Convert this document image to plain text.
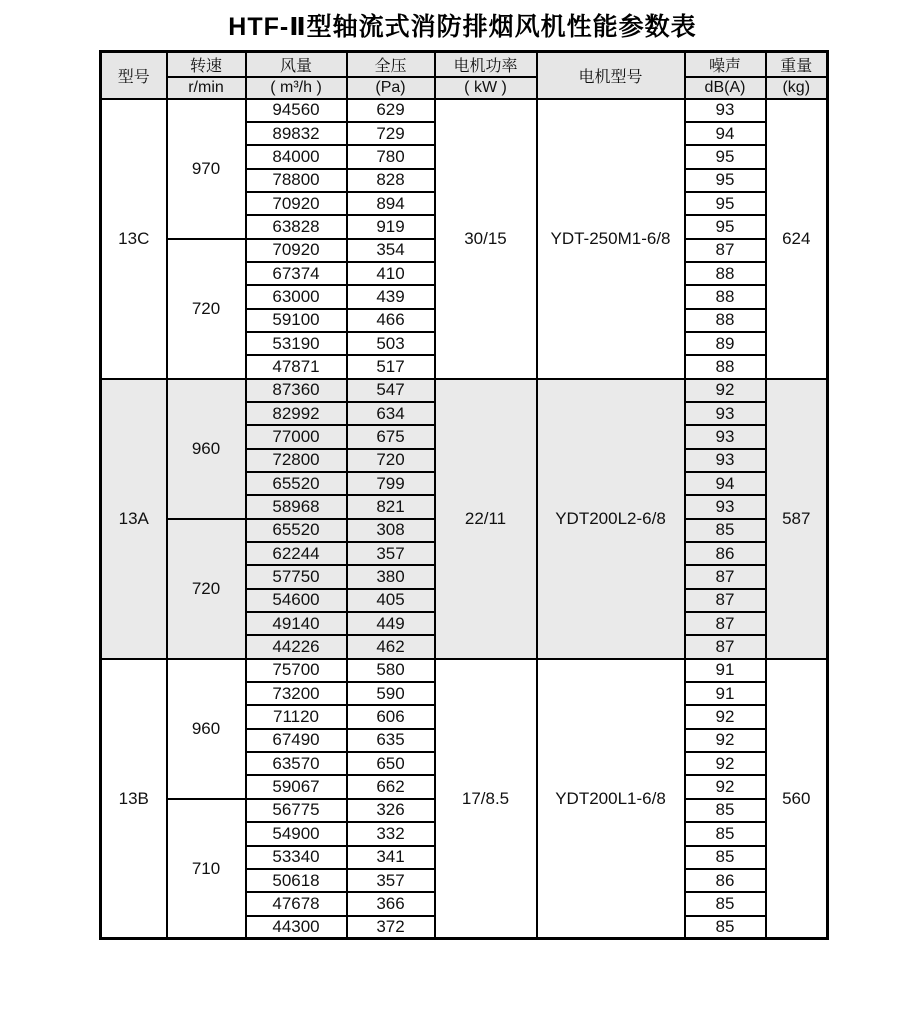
HTF-Ⅱ型轴流式消防排烟风机性能参数表
型号	转速	风量	全压	电机功率	电机型号	噪声	重量
	r/min	( m³/h )	(Pa)	( kW )		dB(A)	(kg)
13C	970	94560	629	30/15	YDT-250M1-6/8	93	624
		89832	729			94	
		84000	780			95	
		78800	828			95	
		70920	894			95	
		63828	919			95	
	720	70920	354			87	
		67374	410			88	
		63000	439			88	
		59100	466			88	
		53190	503			89	
		47871	517			88	
13A	960	87360	547	22/11	YDT200L2-6/8	92	587
		82992	634			93	
		77000	675			93	
		72800	720			93	
		65520	799			94	
		58968	821			93	
	720	65520	308			85	
		62244	357			86	
		57750	380			87	
		54600	405			87	
		49140	449			87	
		44226	462			87	
13B	960	75700	580	17/8.5	YDT200L1-6/8	91	560
		73200	590			91	
		71120	606			92	
		67490	635			92	
		63570	650			92	
		59067	662			92	
	710	56775	326			85	
		54900	332			85	
		53340	341			85	
		50618	357			86	
		47678	366			85	
		44300	372			85	
